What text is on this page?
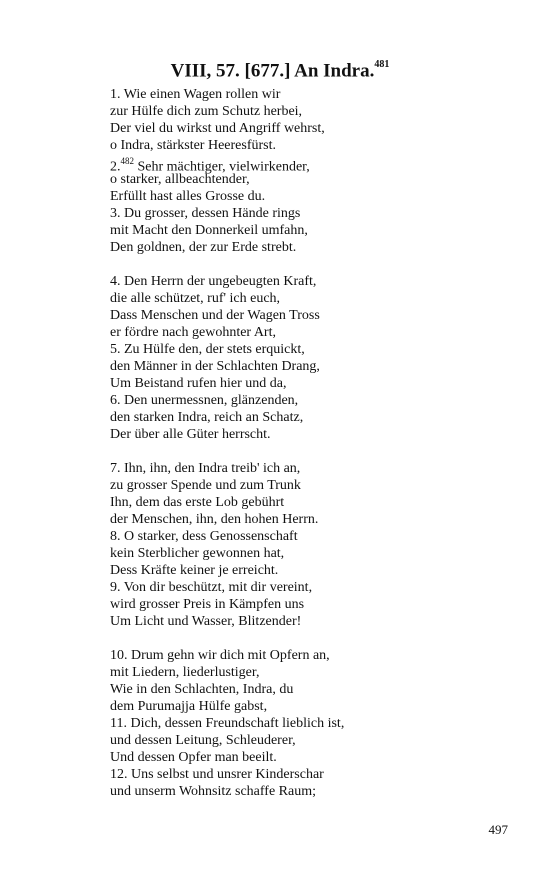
VIII, 57. [677.] An Indra.$^{481}$
1. Wie einen Wagen rollen wir
zur Hülfe dich zum Schutz herbei,
Der viel du wirkst und Angriff wehrst,
o Indra, stärkster Heeresfürst.
2.$^{482}$ Sehr mächtiger, vielwirkender,
o starker, allbeachtender,
Erfüllt hast alles Grosse du.
3. Du grosser, dessen Hände rings
mit Macht den Donnerkeil umfahn,
Den goldnen, der zur Erde strebt.
4. Den Herrn der ungebeugten Kraft,
die alle schützet, ruf' ich euch,
Dass Menschen und der Wagen Tross
er fördre nach gewohnter Art,
5. Zu Hülfe den, der stets erquickt,
den Männer in der Schlachten Drang,
Um Beistand rufen hier und da,
6. Den unermessnen, glänzenden,
den starken Indra, reich an Schatz,
Der über alle Güter herrscht.
7. Ihn, ihn, den Indra treib' ich an,
zu grosser Spende und zum Trunk
Ihn, dem das erste Lob gebührt
der Menschen, ihn, den hohen Herrn.
8. O starker, dess Genossenschaft
kein Sterblicher gewonnen hat,
Dess Kräfte keiner je erreicht.
9. Von dir beschützt, mit dir vereint,
wird grosser Preis in Kämpfen uns
Um Licht und Wasser, Blitzender!
10. Drum gehn wir dich mit Opfern an,
mit Liedern, liederlustiger,
Wie in den Schlachten, Indra, du
dem Purumajja Hülfe gabst,
11. Dich, dessen Freundschaft lieblich ist,
und dessen Leitung, Schleuderer,
Und dessen Opfer man beeilt.
12. Uns selbst und unsrer Kinderschar
und unserm Wohnsitz schaffe Raum;
497
